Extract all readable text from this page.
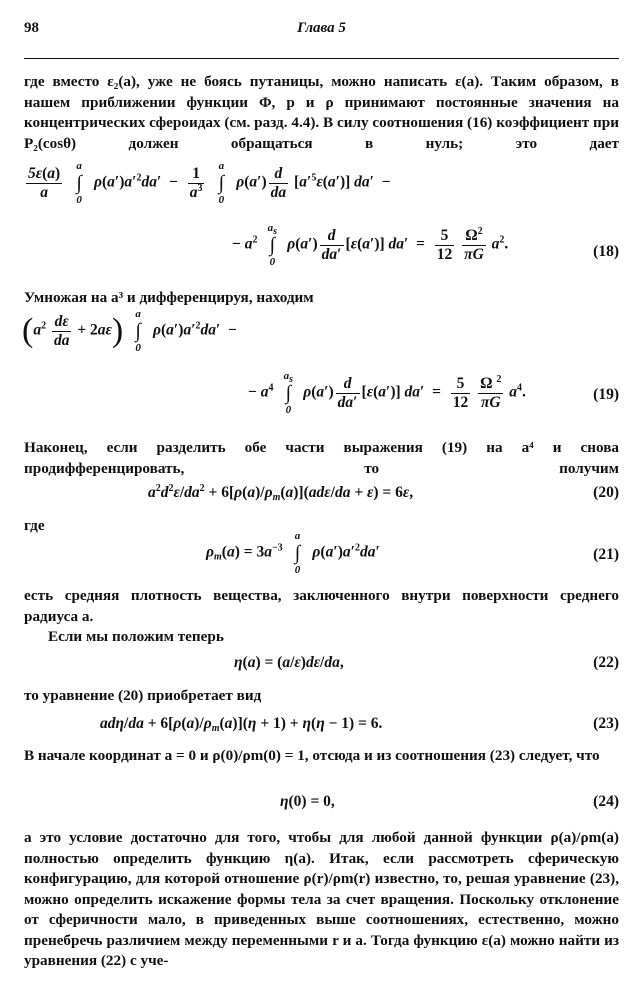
98	Глава 5
где вместо ε₂(a), уже не боясь путаницы, можно написать ε(a). Таким образом, в нашем приближении функции Φ, p и ρ принимают постоянные значения на концентрических сфероидах (см. разд. 4.4). В силу соотношения (16) коэффициент при P₂(cosθ) должен обращаться в нуль; это дает
$\frac{5\varepsilon(a)}{a}$
	a
∫
0
$\rho(a')a'^2da' - \frac{1}{a^3}$
	a
∫
0
$\rho(a') \frac{d}{da} [a'^5\varepsilon(a')] da'$  −
− $a^2$
$a_s$
∫
0
$\rho(a') \frac{d}{da'} [\varepsilon(a')] da' = \frac{5}{12}$
$\frac{\Omega^2}{\pi G} a^2$.	(18)
Умножая на a³ и дифференцируя, находим
$(a^2 \frac{d\varepsilon}{da} + 2a\varepsilon)$	a
∫
0
$\rho(a')a'^2da'$  −
− $a^4$
$a_s$
∫
0
$\rho(a') \frac{d}{da'} [\varepsilon(a')] da' = \frac{5}{12}$
$\frac{\Omega ^2}{\pi G} a^4$.	(19)
Наконец, если разделить обе части выражения (19) на a⁴ и снова продифференцировать, то получим
$a^2d^2\varepsilon/da^2 + 6[\rho(a)/\rho_m(a)](ad\varepsilon/da + \varepsilon) = 6\varepsilon$,	(20)
где
$\rho_m(a) = 3a^{-3}$
a
∫
0
$\rho(a')a'^2da'$	(21)
есть средняя плотность вещества, заключенного внутри поверхности среднего радиуса a.
Если мы положим теперь
η(a) = (a/ε)dε/da,	(22)
то уравнение (20) приобретает вид
$ad\eta/da + 6[\rho(a)/\rho_m(a)](\eta + 1) + \eta(\eta - 1) = 6$.	(23)
В начале координат a = 0 и ρ(0)/ρm(0) = 1, отсюда и из соотношения (23) следует, что
η(0) = 0,	(24)
а это условие достаточно для того, чтобы для любой данной функции ρ(a)/ρm(a) полностью определить функцию η(a). Итак, если рассмотреть сферическую конфигурацию, для которой отношение ρ(r)/ρm(r) известно, то, решая уравнение (23), можно определить искажение формы тела за счет вращения. Поскольку отклонение от сферичности мало, в приведенных выше соотношениях, естественно, можно пренебречь различием между переменными r и a. Тогда функцию ε(a) можно найти из уравнения (22) с уче-
